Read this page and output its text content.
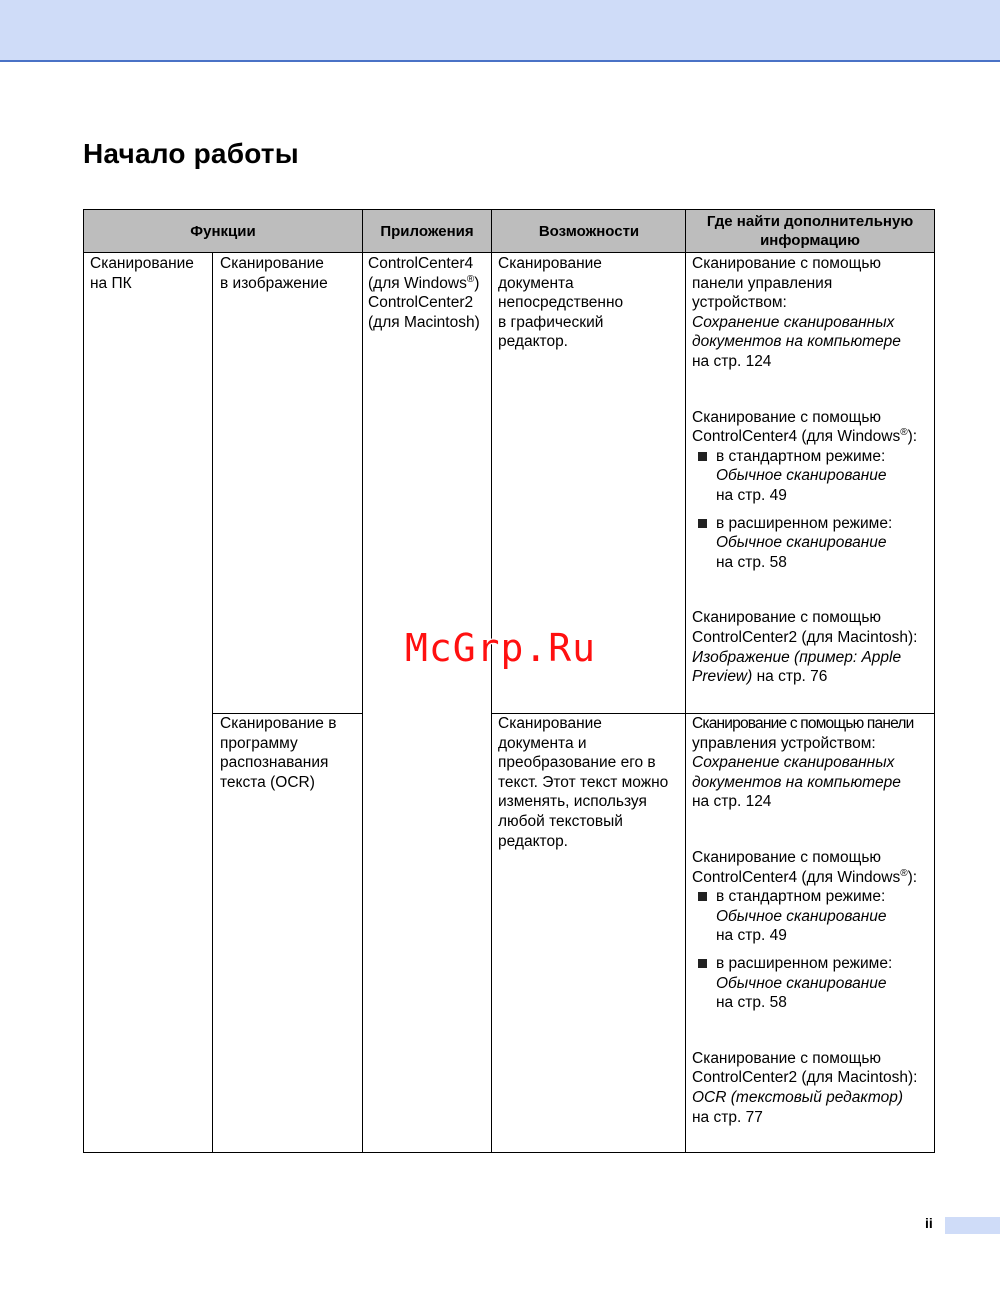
Начало работы
Функции	Приложения	Возможности
Где найти дополнительную
информацию

Сканирование

на ПК

Сканирование

в изображение

ControlCenter4

(для Windows®)

ControlCenter2

(для Macintosh)

Сканирование

документа

непосредственно

в графический

редактор.

Сканирование с помощью

панели управления

устройством:

Сохранение сканированных

документов на компьютере

на стр. 124

Сканирование с помощью

ControlCenter4 (для Windows®):

в стандартном режиме:

Обычное сканирование

на стр. 49

в расширенном режиме:

Обычное сканирование

на стр. 58

Сканирование с помощью

ControlCenter2 (для Macintosh):

Изображение (пример: Apple

Preview) на стр. 76

Сканирование в

программу

распознавания

текста (OCR)

Сканирование

документа и

преобразование его в

текст. Этот текст можно

изменять, используя

любой текстовый

редактор.

Сканирование с помощью панели

управления устройством:

Сохранение сканированных

документов на компьютере

на стр. 124

Сканирование с помощью

ControlCenter4 (для Windows®):

в стандартном режиме:

Обычное сканирование

на стр. 49

в расширенном режиме:

Обычное сканирование

на стр. 58

Сканирование с помощью

ControlCenter2 (для Macintosh):

OCR (текстовый редактор)

на стр. 77

McGrp.Ru
ii
